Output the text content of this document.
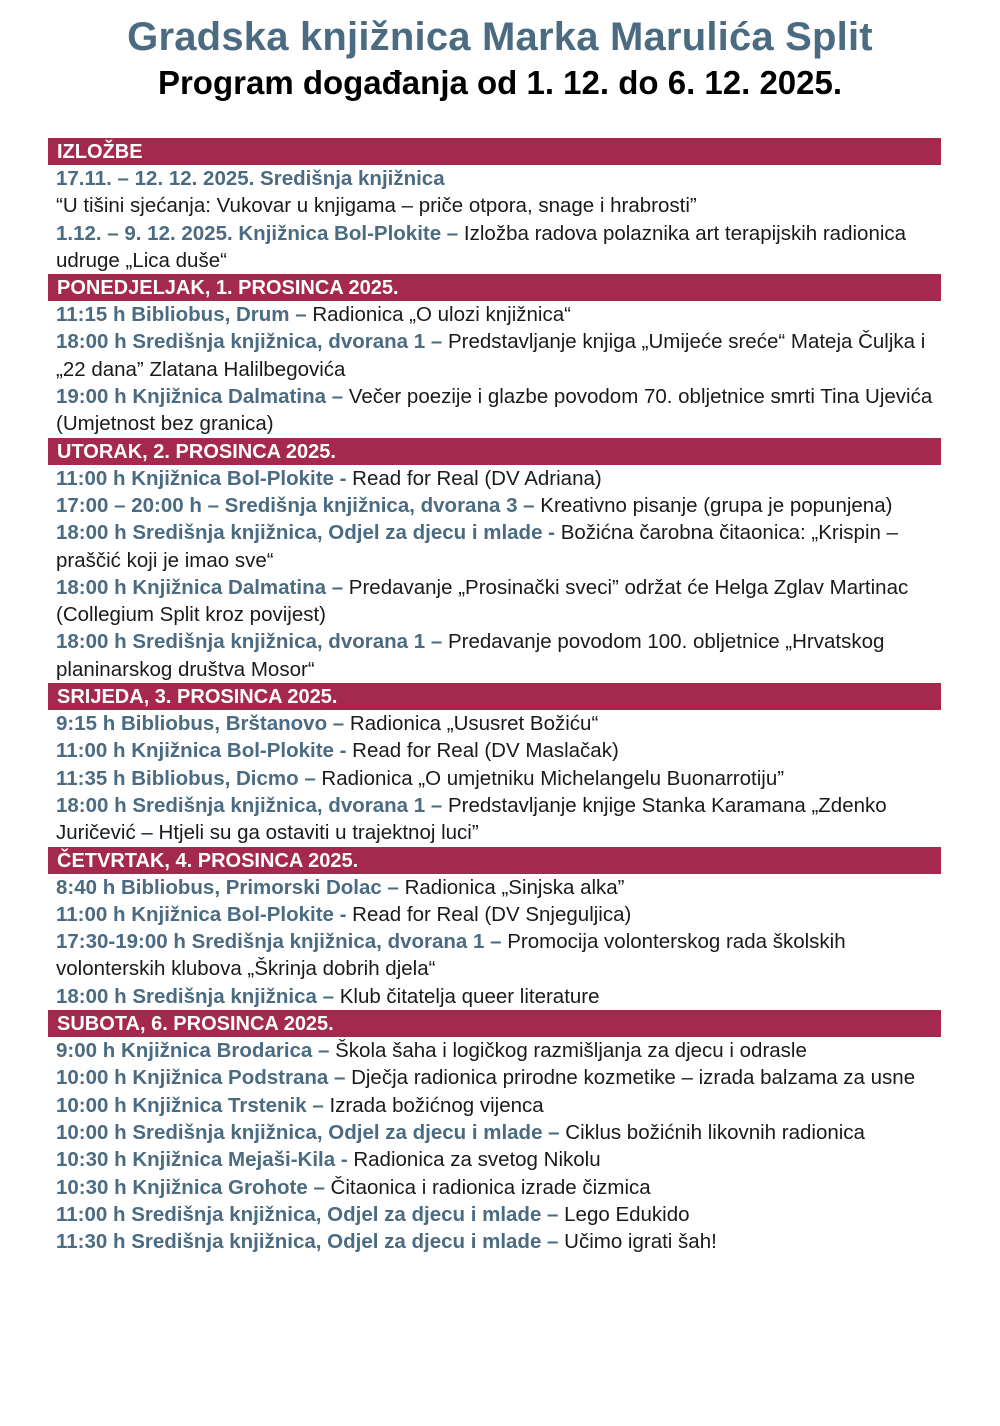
Gradska knjižnica Marka Marulića Split
Program događanja od 1. 12. do 6. 12. 2025.
IZLOŽBE
17.11. – 12. 12. 2025. Središnja knjižnica
“U tišini sjećanja: Vukovar u knjigama – priče otpora, snage i hrabrosti”
1.12. – 9. 12. 2025. Knjižnica Bol-Plokite – Izložba radova polaznika art terapijskih radionica udruge „Lica duše“
PONEDJELJAK, 1. PROSINCA 2025.
11:15 h Bibliobus, Drum – Radionica „O ulozi knjižnica“
18:00 h Središnja knjižnica, dvorana 1 – Predstavljanje knjiga „Umijeće sreće“ Mateja Čuljka i „22 dana” Zlatana Halilbegovića
19:00 h Knjižnica Dalmatina – Večer poezije i glazbe povodom 70. obljetnice smrti Tina Ujevića
(Umjetnost bez granica)
UTORAK, 2. PROSINCA 2025.
11:00 h Knjižnica Bol-Plokite - Read for Real (DV Adriana)
17:00 – 20:00 h – Središnja knjižnica, dvorana 3 – Kreativno pisanje (grupa je popunjena)
18:00 h Središnja knjižnica, Odjel za djecu i mlade - Božićna čarobna čitaonica: „Krispin – praščić koji je imao sve“
18:00 h Knjižnica Dalmatina – Predavanje „Prosinački sveci” održat će Helga Zglav Martinac (Collegium Split kroz povijest)
18:00 h Središnja knjižnica, dvorana 1 – Predavanje povodom 100. obljetnice „Hrvatskog planinarskog društva Mosor“
SRIJEDA, 3. PROSINCA 2025.
9:15 h Bibliobus, Brštanovo – Radionica „Ususret Božiću“
11:00 h Knjižnica Bol-Plokite - Read for Real (DV Maslačak)
11:35 h Bibliobus, Dicmo – Radionica „O umjetniku Michelangelu Buonarrotiju”
18:00 h Središnja knjižnica, dvorana 1 – Predstavljanje knjige Stanka Karamana „Zdenko Juričević – Htjeli su ga ostaviti u trajektnoj luci”
ČETVRTAK, 4. PROSINCA 2025.
8:40 h Bibliobus, Primorski Dolac – Radionica „Sinjska alka”
11:00 h Knjižnica Bol-Plokite - Read for Real (DV Snjeguljica)
17:30-19:00 h Središnja knjižnica, dvorana 1 – Promocija volonterskog rada školskih volonterskih klubova „Škrinja dobrih djela“
18:00 h Središnja knjižnica – Klub čitatelja queer literature
SUBOTA, 6. PROSINCA 2025.
9:00 h Knjižnica Brodarica – Škola šaha i logičkog razmišljanja za djecu i odrasle
10:00 h Knjižnica Podstrana – Dječja radionica prirodne kozmetike – izrada balzama za usne
10:00 h Knjižnica Trstenik – Izrada božićnog vijenca
10:00 h Središnja knjižnica, Odjel za djecu i mlade – Ciklus božićnih likovnih radionica
10:30 h Knjižnica Mejaši-Kila - Radionica za svetog Nikolu
10:30 h Knjižnica Grohote – Čitaonica i radionica izrade čizmica
11:00 h Središnja knjižnica, Odjel za djecu i mlade – Lego Edukido
11:30 h Središnja knjižnica, Odjel za djecu i mlade – Učimo igrati šah!
